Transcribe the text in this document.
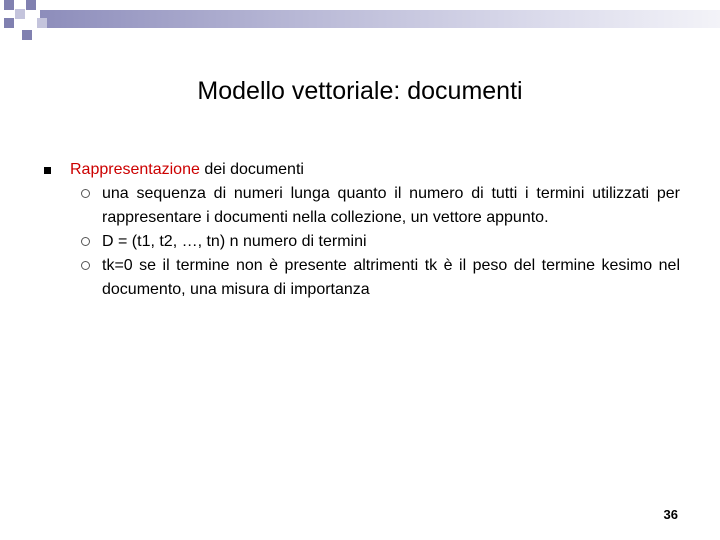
Modello vettoriale: documenti
Rappresentazione dei documenti
una sequenza di numeri lunga quanto il numero di tutti i termini utilizzati per rappresentare i documenti nella collezione, un vettore appunto.
D = (t1, t2, …, tn) n numero di termini
tk=0 se il termine non è presente altrimenti tk è il peso del termine kesimo nel documento, una misura di importanza
36
